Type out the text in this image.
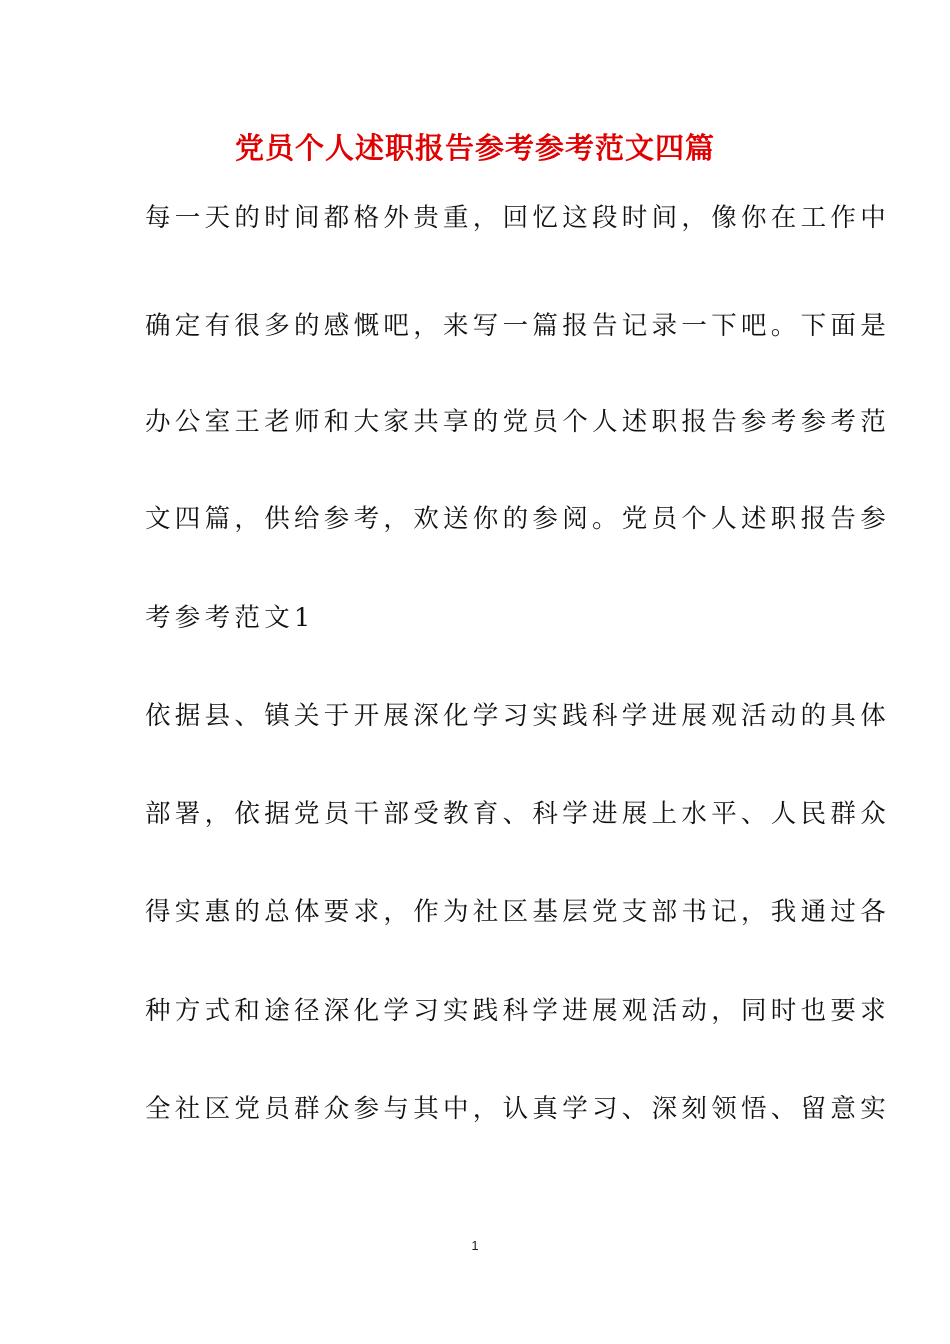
党员个人述职报告参考参考范文四篇
每一天的时间都格外贵重，回忆这段时间，像你在工作中
确定有很多的感慨吧，来写一篇报告记录一下吧。下面是
办公室王老师和大家共享的党员个人述职报告参考参考范
文四篇，供给参考，欢送你的参阅。党员个人述职报告参
考参考范文1
依据县、镇关于开展深化学习实践科学进展观活动的具体
部署，依据党员干部受教育、科学进展上水平、人民群众
得实惠的总体要求，作为社区基层党支部书记，我通过各
种方式和途径深化学习实践科学进展观活动，同时也要求
全社区党员群众参与其中，认真学习、深刻领悟、留意实
1
